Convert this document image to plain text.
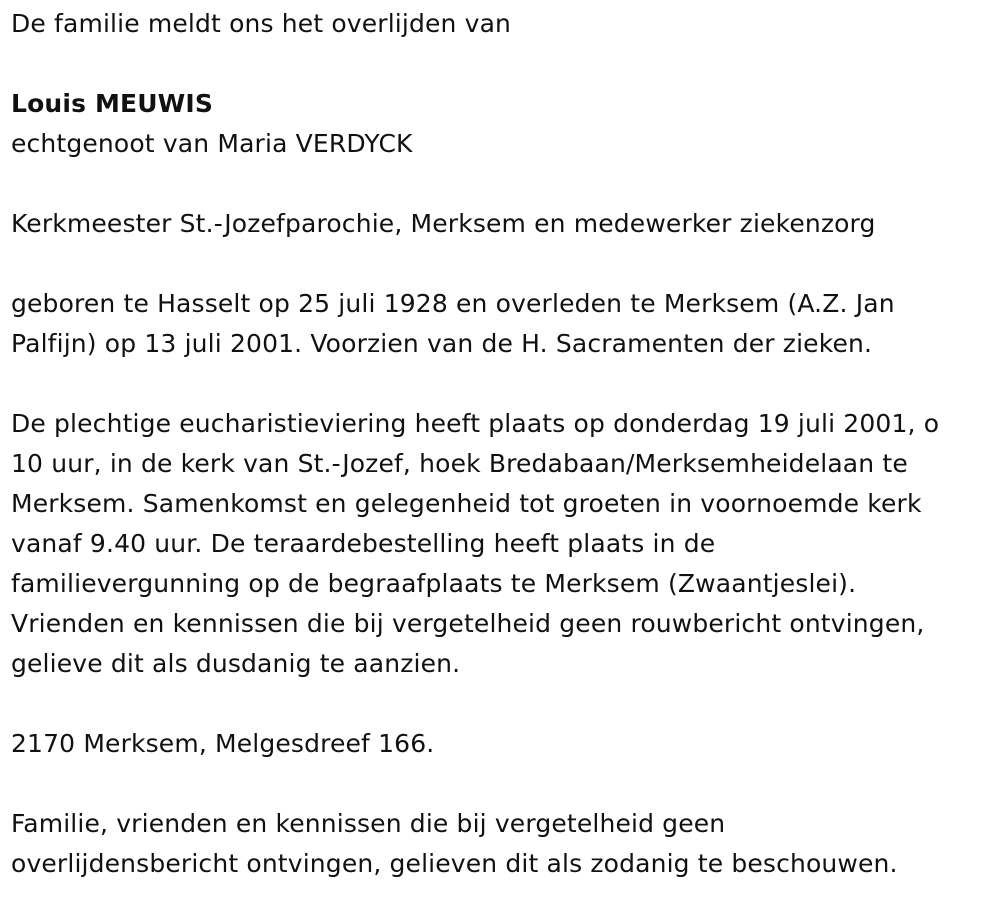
De familie meldt ons het overlijden van

Louis MEUWIS

echtgenoot van Maria VERDYCK

Kerkmeester St.-Jozefparochie, Merksem en medewerker ziekenzorg

geboren te Hasselt op 25 juli 1928 en overleden te Merksem (A.Z. Jan

Palfijn) op 13 juli 2001. Voorzien van de H. Sacramenten der zieken.

De plechtige eucharistieviering heeft plaats op donderdag 19 juli 2001, o

10 uur, in de kerk van St.-Jozef, hoek Bredabaan/Merksemheidelaan te

Merksem. Samenkomst en gelegenheid tot groeten in voornoemde kerk

vanaf 9.40 uur. De teraardebestelling heeft plaats in de

familievergunning op de begraafplaats te Merksem (Zwaantjeslei).

Vrienden en kennissen die bij vergetelheid geen rouwbericht ontvingen,

gelieve dit als dusdanig te aanzien.

2170 Merksem, Melgesdreef 166.

Familie, vrienden en kennissen die bij vergetelheid geen

overlijdensbericht ontvingen, gelieven dit als zodanig te beschouwen.
